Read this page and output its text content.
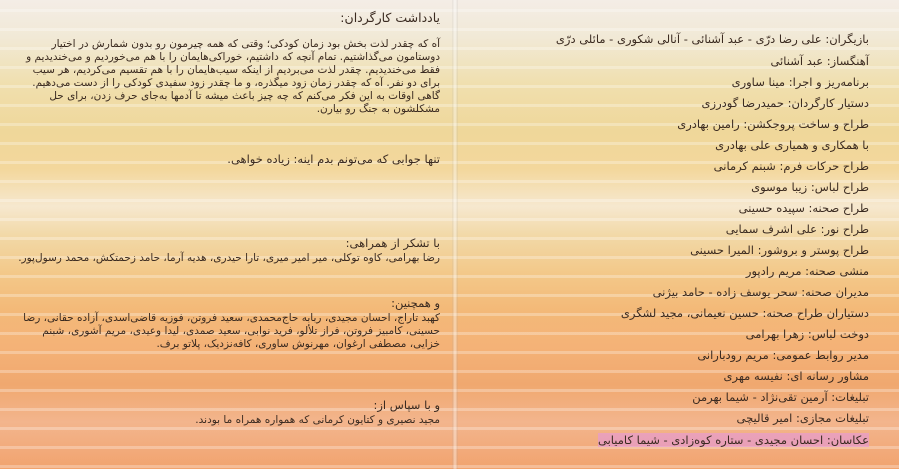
بازیگران: علی رضا درّی - عبد آشنائی - آنالی شکوری - مائلی درّی
آهنگساز: عبد آشنائی
برنامه‌ریز و اجرا: مینا ساوری
دستیار کارگردان: حمیدرضا گودرزی
طراح و ساخت پروجکشن: رامین بهادری
با همکاری و همیاری علی بهادری
طراح حرکات فرم: شبنم کرمانی
طراح لباس: زیبا موسوی
طراح صحنه: سپیده حسینی
طراح نور: علی اشرف سمایی
طراح پوستر و بروشور: المیرا حسینی
منشی صحنه: مریم رادپور
مدیران صحنه: سحر یوسف زاده - حامد بیژنی
دستیاران طراح صحنه: حسین نعیمانی، مجید لشگری
دوخت لباس: زهرا بهرامی
مدیر روابط عمومی: مریم رودبارانی
مشاور رسانه ای: نفیسه مهری
تبلیغات: آرمین تقی‌نژاد - شیما بهرمن
تبلیغات مجازی: امیر قالیچی
عکاسان: احسان مجیدی - ستاره کوه‌زادی - شیما کامیابی
یادداشت کارگردان:
آه که چقدر لذت بخش بود زمان کودکی؛ وقتی که همه چیرمون رو بدون شمارش در اختیار دوستامون می‌گذاشتیم. تمام آنچه که داشتیم، خوراکی‌هایمان را با هم می‌خوردیم و می‌خندیدیم و فقط می‌خندیدیم. چقدر لذت می‌بردیم از اینکه سیب‌هایمان را با هم تقسیم می‌کردیم، هر سیب برای دو نفر. آه که چقدر زمان زود میگذره، و ما چقدر زود سفیدی کودکی را از دست می‌دهیم. گاهی اوقات به این فکر می‌کنم که چه چیز باعث میشه تا آدمها به‌جای حرف زدن، برای حل مشکلشون به جنگ رو بیارن.
تنها جوابی که می‌تونم بدم اینه: زیاده خواهی.
با تشکر از همراهی:
رضا بهرامی، کاوه توکلی، میر امیر میری، تارا حیدری، هدیه آرما، حامد زحمتکش، محمد رسول‌پور.
و همچنین:
کهبد تاراج، احسان مجیدی، ربابه حاج‌محمدی، سعید فروتن، فوزیه قاضی‌اسدی، آزاده حقانی، رضا حسینی، کامبیز فروتن، فراز تلألو، فرید نوابی، سعید صمدی، لیدا وعیدی، مریم آشوری، شبنم خزایی، مصطفی ارغوان، مهرنوش ساوری، کافه‌نزدیک، پلاتو برف.
و با سپاس از:
مجید نصیری و کتایون کرمانی که همواره همراه ما بودند.
